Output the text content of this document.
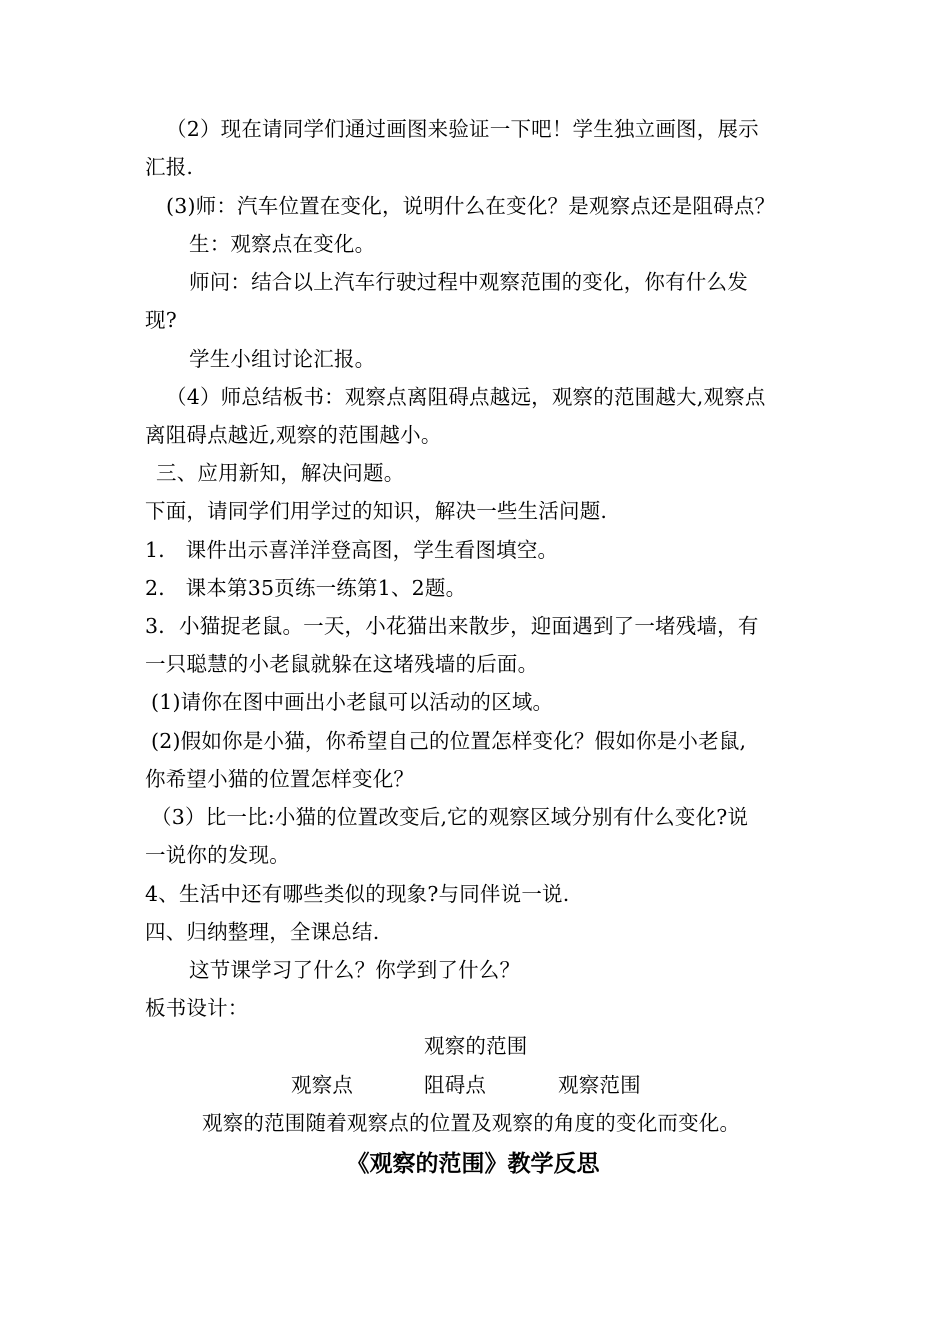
（2）现在请同学们通过画图来验证一下吧！学生独立画图，展示
汇报.
(3)师：汽车位置在变化，说明什么在变化？是观察点还是阻碍点？
生：观察点在变化。
师问：结合以上汽车行驶过程中观察范围的变化，你有什么发
现?
学生小组讨论汇报。
（4）师总结板书：观察点离阻碍点越远，观察的范围越大,观察点
离阻碍点越近,观察的范围越小。
三、应用新知，解决问题。
下面，请同学们用学过的知识，解决一些生活问题.
1． 课件出示喜洋洋登高图，学生看图填空。
2． 课本第35页练一练第1、2题。
3．小猫捉老鼠。一天，小花猫出来散步，迎面遇到了一堵残墙，有
一只聪慧的小老鼠就躲在这堵残墙的后面。
(1)请你在图中画出小老鼠可以活动的区域。
(2)假如你是小猫，你希望自己的位置怎样变化？假如你是小老鼠,
你希望小猫的位置怎样变化？
（3）比一比:小猫的位置改变后,它的观察区域分别有什么变化?说
一说你的发现。
4、生活中还有哪些类似的现象?与同伴说一说.
四、归纳整理，全课总结.
这节课学习了什么？你学到了什么？
板书设计：
观察的范围
观察点	阻碍点	观察范围
观察的范围随着观察点的位置及观察的角度的变化而变化。
《观察的范围》教学反思
